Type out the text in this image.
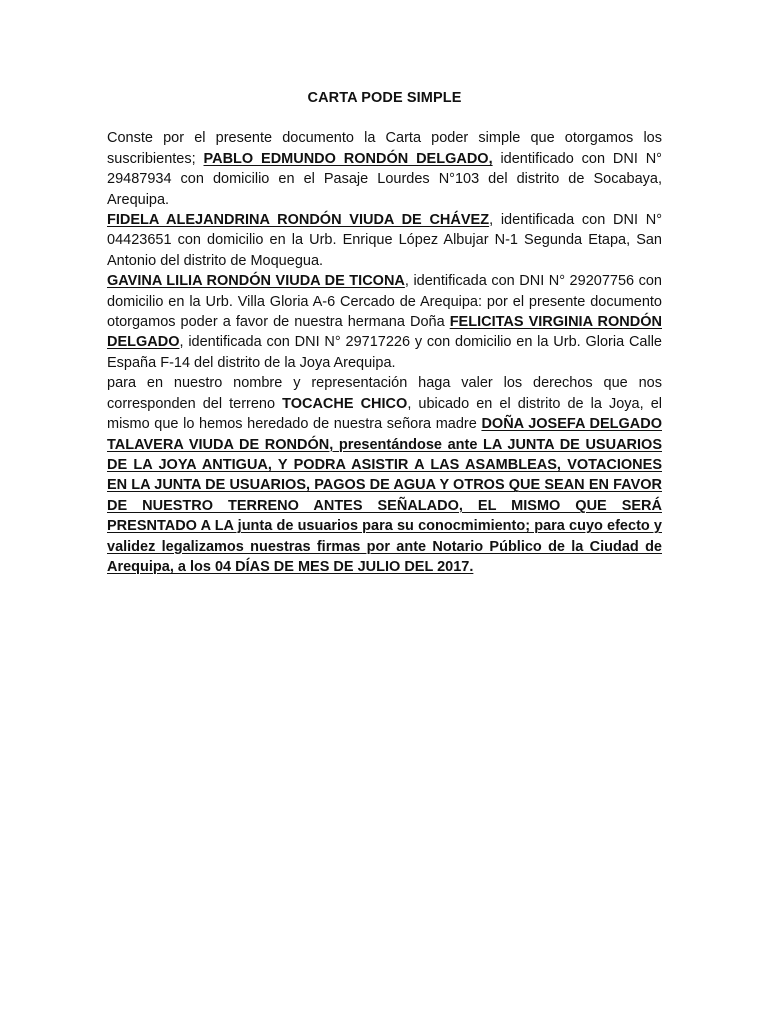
CARTA PODE SIMPLE

Conste por el presente documento la Carta poder simple que otorgamos los suscribientes; PABLO EDMUNDO RONDÓN DELGADO, identificado con DNI N° 29487934 con domicilio en el Pasaje Lourdes N°103 del distrito de Socabaya, Arequipa.

FIDELA ALEJANDRINA RONDÓN VIUDA DE CHÁVEZ, identificada con DNI N° 04423651 con domicilio en la Urb. Enrique López Albujar N-1 Segunda Etapa, San Antonio del distrito de Moquegua.

GAVINA LILIA RONDÓN VIUDA DE TICONA, identificada con DNI N° 29207756 con domicilio en la Urb. Villa Gloria A-6 Cercado de Arequipa: por el presente documento otorgamos poder a favor de nuestra hermana Doña FELICITAS VIRGINIA RONDÓN DELGADO, identificada con DNI N° 29717226 y con domicilio en la Urb. Gloria Calle España F-14 del distrito de la Joya Arequipa.

para en nuestro nombre y representación haga valer los derechos que nos corresponden del terreno TOCACHE CHICO, ubicado en el distrito de la Joya, el mismo que lo hemos heredado de nuestra señora madre DOÑA JOSEFA DELGADO TALAVERA VIUDA DE RONDÓN, presentándose ante LA JUNTA DE USUARIOS DE LA JOYA ANTIGUA, Y PODRA ASISTIR A LAS ASAMBLEAS, VOTACIONES EN LA JUNTA DE USUARIOS, PAGOS DE AGUA Y OTROS QUE SEAN EN FAVOR DE NUESTRO TERRENO ANTES SEÑALADO, EL MISMO QUE SERÁ PRESNTADO A LA junta de usuarios para su conocmimiento; para cuyo efecto y validez legalizamos nuestras firmas por ante Notario Público de la Ciudad de Arequipa, a los 04 DÍAS DE MES DE JULIO DEL 2017.
